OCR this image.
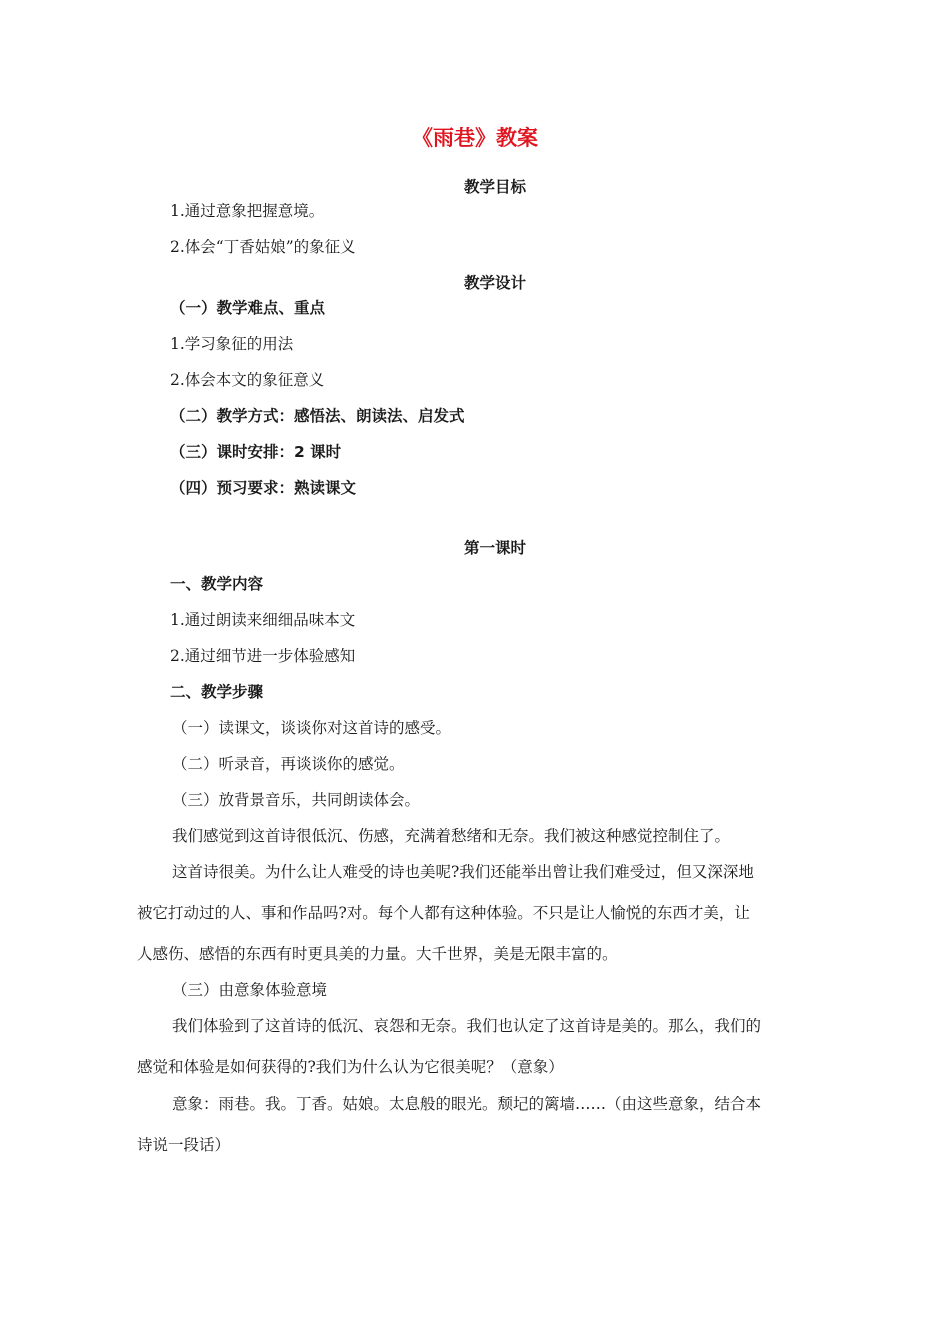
《雨巷》教案
教学目标
1.通过意象把握意境。
2.体会“丁香姑娘”的象征义
教学设计
（一）教学难点、重点
1.学习象征的用法
2.体会本文的象征意义
（二）教学方式：感悟法、朗读法、启发式
（三）课时安排：2 课时
（四）预习要求：熟读课文
第一课时
一、教学内容
1.通过朗读来细细品味本文
2.通过细节进一步体验感知
二、教学步骤
（一）读课文，谈谈你对这首诗的感受。
（二）听录音，再谈谈你的感觉。
（三）放背景音乐，共同朗读体会。
我们感觉到这首诗很低沉、伤感，充满着愁绪和无奈。我们被这种感觉控制住了。
这首诗很美。为什么让人难受的诗也美呢?我们还能举出曾让我们难受过，但又深深地
被它打动过的人、事和作品吗?对。每个人都有这种体验。不只是让人愉悦的东西才美，让
人感伤、感悟的东西有时更具美的力量。大千世界，美是无限丰富的。
（三）由意象体验意境
我们体验到了这首诗的低沉、哀怨和无奈。我们也认定了这首诗是美的。那么，我们的
感觉和体验是如何获得的?我们为什么认为它很美呢？（意象）
意象：雨巷。我。丁香。姑娘。太息般的眼光。颓圮的篱墙……（由这些意象，结合本
诗说一段话）
